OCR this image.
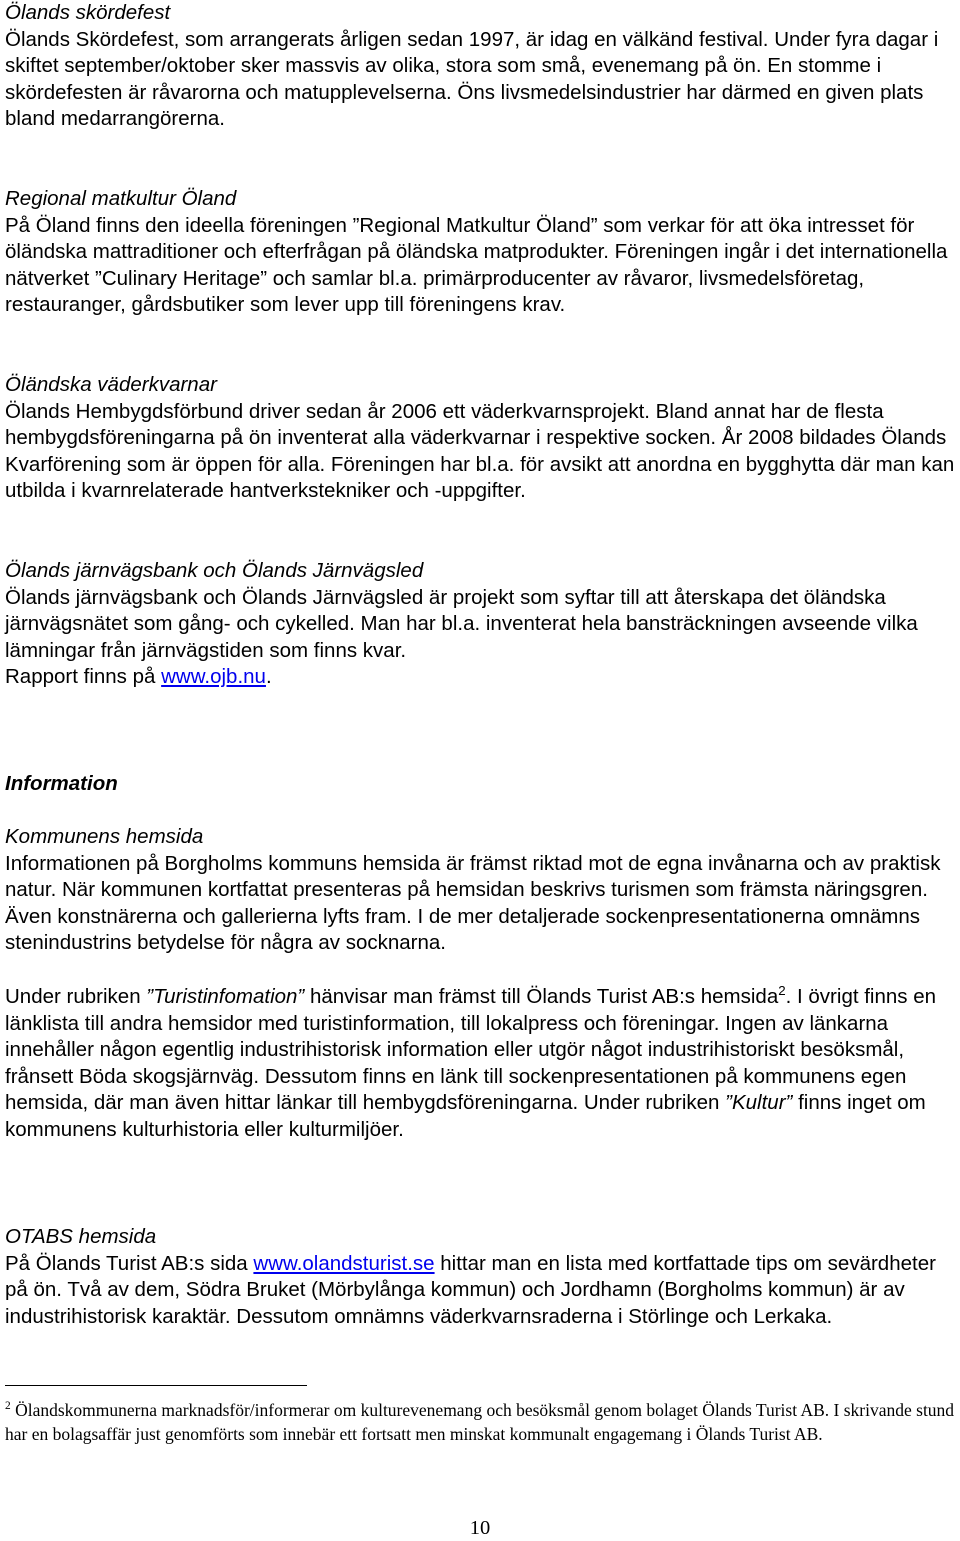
Ölands skördefest

Ölands Skördefest, som arrangerats årligen sedan 1997, är idag en välkänd festival. Under fyra dagar i skiftet september/oktober sker massvis av olika, stora som små, evenemang på ön. En stomme i skördefesten är råvarorna och matupplevelserna. Öns livsmedelsindustrier har därmed en given plats bland medarrangörerna.

Regional matkultur Öland

På Öland finns den ideella föreningen ”Regional Matkultur Öland” som verkar för att öka intresset för öländska mattraditioner och efterfrågan på öländska matprodukter. Föreningen ingår i det internationella nätverket ”Culinary Heritage” och samlar bl.a. primärproducenter av råvaror, livsmedelsföretag, restauranger, gårdsbutiker som lever upp till föreningens krav.

Öländska väderkvarnar

Ölands Hembygdsförbund driver sedan år 2006 ett väderkvarnsprojekt. Bland annat har de flesta hembygdsföreningarna på ön inventerat alla väderkvarnar i respektive socken. År 2008 bildades Ölands Kvarförening som är öppen för alla. Föreningen har bl.a. för avsikt att anordna en bygghytta där man kan utbilda i kvarnrelaterade hantverkstekniker och -uppgifter.

Ölands järnvägsbank och Ölands Järnvägsled

Ölands järnvägsbank och Ölands Järnvägsled är projekt som syftar till att återskapa det öländska järnvägsnätet som gång- och cykelled. Man har bl.a. inventerat hela bansträckningen avseende vilka lämningar från järnvägstiden som finns kvar.

Rapport finns på www.ojb.nu.

Information

Kommunens hemsida

Informationen på Borgholms kommuns hemsida är främst riktad mot de egna invånarna och av praktisk natur. När kommunen kortfattat presenteras på hemsidan beskrivs turismen som främsta näringsgren. Även konstnärerna och gallerierna lyfts fram. I de mer detaljerade sockenpresentationerna omnämns stenindustrins betydelse för några av socknarna.

Under rubriken ”Turistinfomation” hänvisar man främst till Ölands Turist AB:s hemsida$^2$. I övrigt finns en länklista till andra hemsidor med turistinformation, till lokalpress och föreningar. Ingen av länkarna innehåller någon egentlig industrihistorisk information eller utgör något industrihistoriskt besöksmål, frånsett Böda skogsjärnväg. Dessutom finns en länk till sockenpresentationen på kommunens egen hemsida, där man även hittar länkar till hembygdsföreningarna. Under rubriken ”Kultur” finns inget om kommunens kulturhistoria eller kulturmiljöer.

OTABS hemsida

På Ölands Turist AB:s sida www.olandsturist.se hittar man en lista med kortfattade tips om sevärdheter på ön. Två av dem, Södra Bruket (Mörbylånga kommun) och Jordhamn (Borgholms kommun) är av industrihistorisk karaktär. Dessutom omnämns väderkvarnsraderna i Störlinge och Lerkaka.

$^2$ Ölandskommunerna marknadsför/informerar om kulturevenemang och besöksmål genom bolaget Ölands Turist AB. I skrivande stund har en bolagsaffär just genomförts som innebär ett fortsatt men minskat kommunalt engagemang i Ölands Turist AB.

10
